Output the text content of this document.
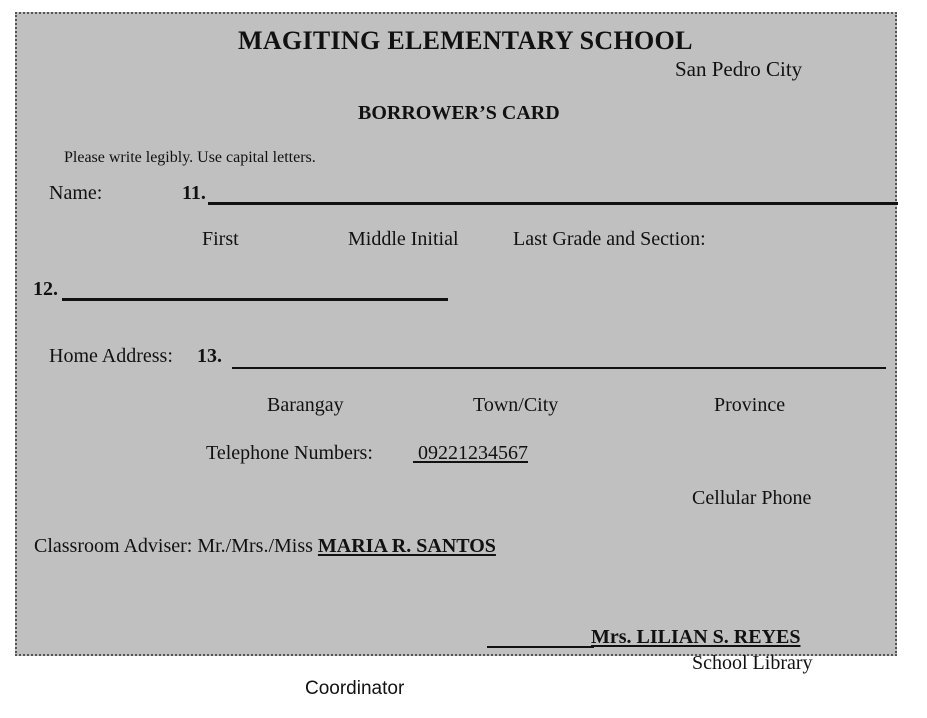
MAGITING ELEMENTARY SCHOOL
San Pedro City
BORROWER’S CARD
Please write legibly. Use capital letters.
Name:	11.
First	Middle Initial	Last Grade and Section:
12.
Home Address: 13.
Barangay	Town/City	Province
Telephone Numbers: 09221234567
Cellular Phone
Classroom Adviser: Mr./Mrs./Miss MARIA R. SANTOS
Mrs. LILIAN S. REYES
School Library
Coordinator
